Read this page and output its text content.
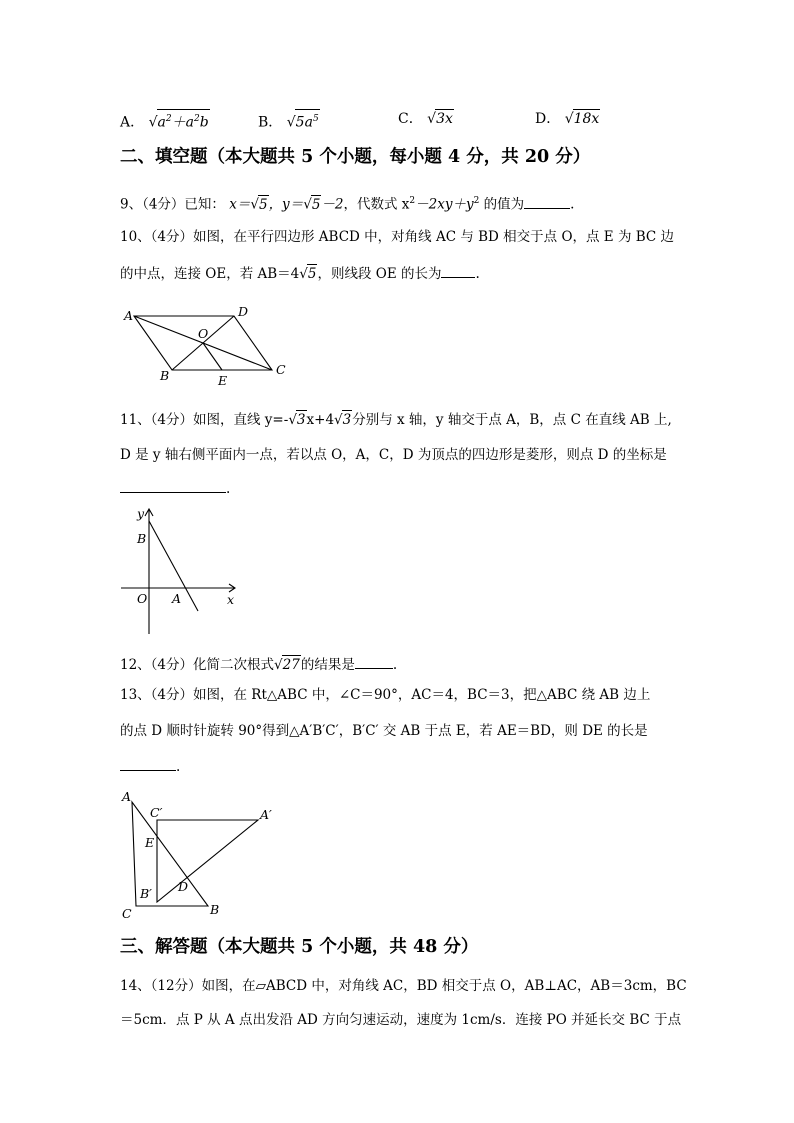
A． $√a^2+a^2b$	B． $√5a^5$	C． √3x	D． √18x
二、填空题（本大题共 5 个小题，每小题 4 分，共 20 分）
9、（4分）已知： x＝√5，y＝√5－2，代数式 $x^2-2xy+y^2$ 的值为	.
10、（4分）如图，在平行四边形 ABCD 中，对角线 AC 与 BD 相交于点 O，点 E 为 BC 边
的中点，连接 OE，若 AB＝4√5，则线段 OE 的长为	.
A	D
O
B	E
C
11、（4分）如图，直线 y=-√3x+4√3分别与 x 轴，y 轴交于点 A，B，点 C 在直线 AB 上,
D 是 y 轴右侧平面内一点，若以点 O，A，C，D 为顶点的四边形是菱形，则点 D 的坐标是
.
y
B
O A	x
12、（4分）化简二次根式√27的结果是	.
13、（4分）如图，在 Rt△ABC 中，∠C＝90°，AC＝4，BC＝3，把△ABC 绕 AB 边上
的点 D 顺时针旋转 90°得到△A′B′C′，B′C′ 交 AB 于点 E，若 AE＝BD，则 DE 的长是
.
A
C′	A′
E
B′ D
C	B
三、解答题（本大题共 5 个小题，共 48 分）
14、（12分）如图，在▱ABCD 中，对角线 AC，BD 相交于点 O，AB⊥AC，AB＝3cm，BC
＝5cm．点 P 从 A 点出发沿 AD 方向匀速运动，速度为 1cm/s．连接 PO 并延长交 BC 于点
